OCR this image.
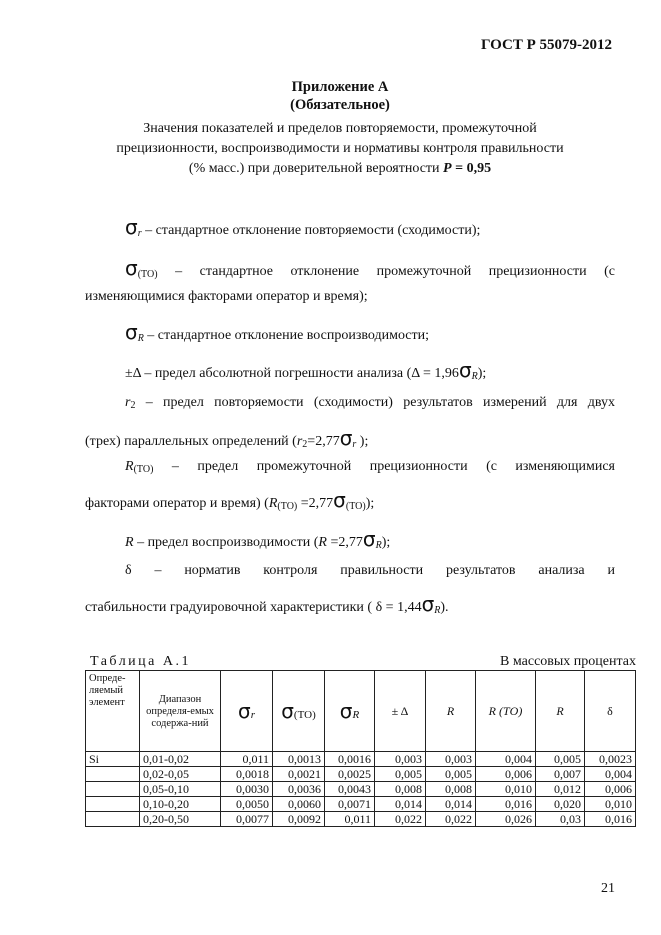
ГОСТ Р 55079-2012
Приложение А
(Обязательное)
Значения показателей и пределов повторяемости, промежуточной
прецизионности, воспроизводимости и нормативы контроля правильности
(% масс.) при доверительной вероятности P = 0,95

$\sigma_r$ – стандартное отклонение повторяемости (сходимости);

$\sigma_{(ТО)}$ – стандартное отклонение промежуточной прецизионности (с

изменяющимися факторами оператор и время);

$\sigma_R$ – стандартное отклонение воспроизводимости;

±Δ – предел абсолютной погрешности анализа $(\Delta = 1,96\sigma_R)$;

$r_2$ – предел повторяемости (сходимости) результатов измерений для двух

(трех) параллельных определений ($r_2=2,77\sigma_r$ );

$R_{(ТО)}$ – предел промежуточной прецизионности (с изменяющимися

факторами оператор и время) $(R_{(ТО)} =2,77\sigma_{(ТО)})$;

R – предел воспроизводимости $(R =2,77\sigma_R)$;

δ – норматив контроля правильности результатов анализа и

стабильности градуировочной характеристики ( $\delta = 1,44\sigma_R$).

Таблица А.1	В массовых процентах
Опреде-ляемый элемент	Диапазон определя-емых содержа-ний	σr	σ(ТО)	σR	± Δ	R	R (ТО)	R	δ
Si	0,01-0,02	0,011	0,0013	0,0016	0,003	0,003	0,004	0,005	0,0023
	0,02-0,05	0,0018	0,0021	0,0025	0,005	0,005	0,006	0,007	0,004
	0,05-0,10	0,0030	0,0036	0,0043	0,008	0,008	0,010	0,012	0,006
	0,10-0,20	0,0050	0,0060	0,0071	0,014	0,014	0,016	0,020	0,010
	0,20-0,50	0,0077	0,0092	0,011	0,022	0,022	0,026	0,03	0,016
21
